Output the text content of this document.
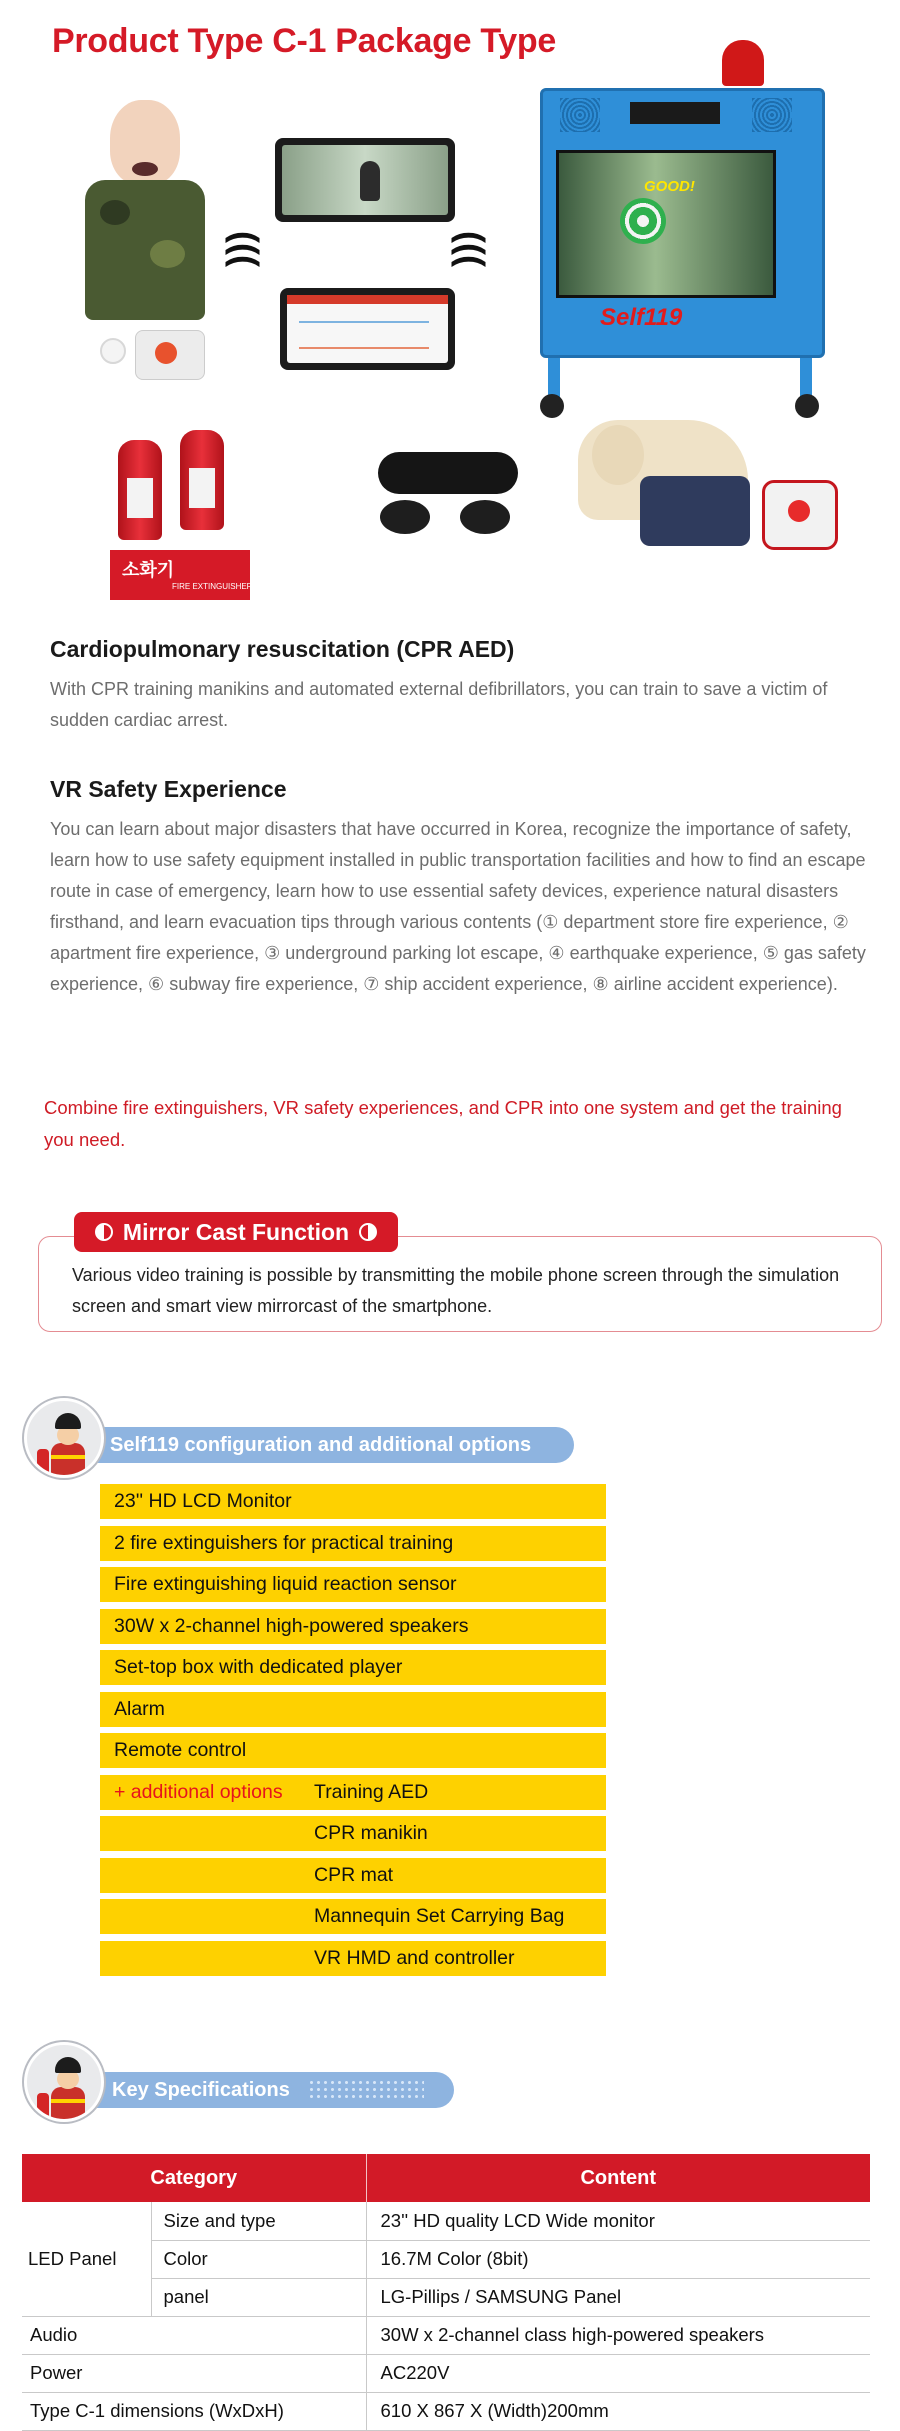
Product Type C-1 Package Type
)))	)))
GOOD!
Self119
소화기
FIRE EXTINGUISHER
Cardiopulmonary resuscitation (CPR AED)

With CPR training manikins and automated external defibrillators, you can train to save a victim of sudden cardiac arrest.

VR Safety Experience

You can learn about major disasters that have occurred in Korea, recognize the importance of safety, learn how to use safety equipment installed in public transportation facilities and how to find an escape route in case of emergency, learn how to use essential safety devices, experience natural disasters firsthand, and learn evacuation tips through various contents (① department store fire experience, ② apartment fire experience, ③ underground parking lot escape, ④ earthquake experience, ⑤ gas safety experience, ⑥ subway fire experience, ⑦ ship accident experience, ⑧ airline accident experience).

Combine fire extinguishers, VR safety experiences, and CPR into one system and get the training you need.

Mirror Cast Function

Various video training is possible by transmitting the mobile phone screen through the simulation screen and smart view mirrorcast of the smartphone.

Self119 configuration and additional options
23'' HD LCD Monitor
2 fire extinguishers for practical training
Fire extinguishing liquid reaction sensor
30W x 2-channel high-powered speakers
Set-top box with dedicated player
Alarm
Remote control
+ additional options	Training AED
CPR manikin
CPR mat
Mannequin Set Carrying Bag
VR HMD and controller
Key Specifications
Category		Content
LED Panel	Size and type	23'' HD quality LCD Wide monitor
	Color	16.7M Color (8bit)
	panel	LG-Pillips / SAMSUNG Panel
Audio		30W x 2-channel class high-powered speakers
Power		AC220V
Type C-1 dimensions (WxDxH)		610 X 867 X (Width)200mm
